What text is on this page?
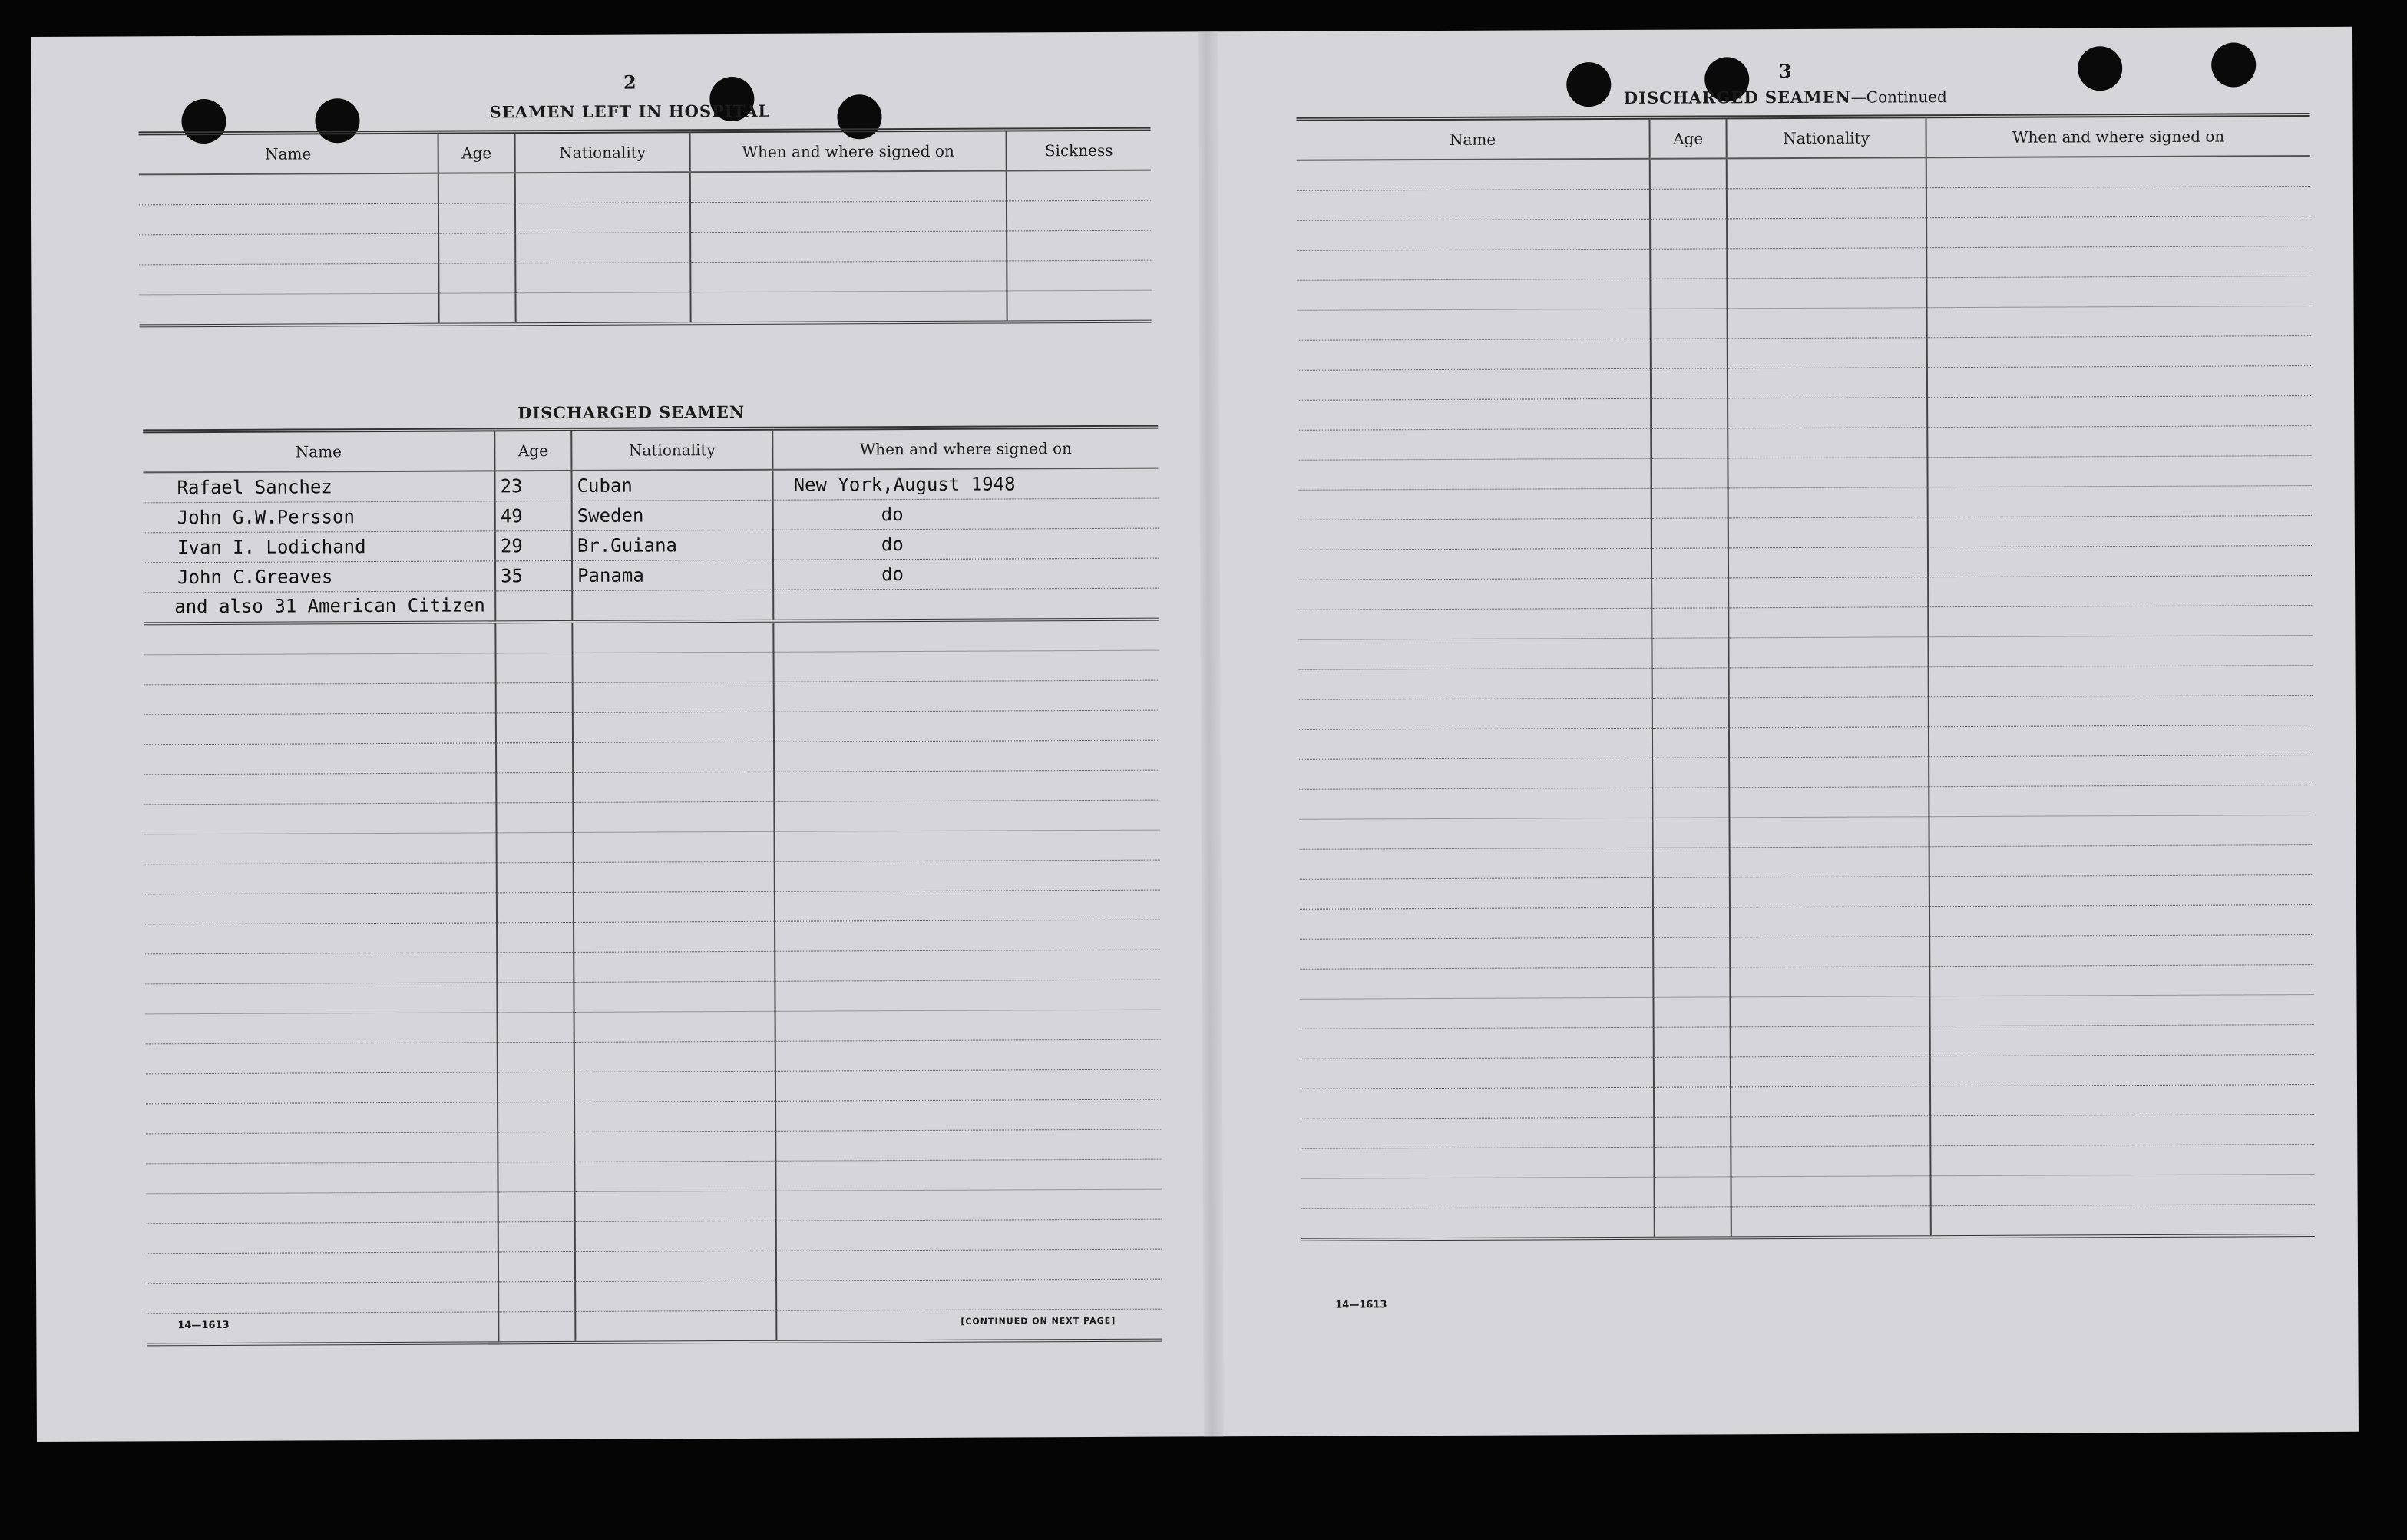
2
SEAMEN LEFT IN HOSPITAL
Name	Age	Nationality	When and where signed on	Sickness

DISCHARGED SEAMEN
Name	Age	Nationality	When and where signed on
Rafael Sanchez	23	Cuban	New York,August 1948
John G.W.Persson	49	Sweden	do
Ivan I. Lodichand	29	Br.Guiana	do
John C.Greaves	35	Panama	do

and also 31 American Citizen			

14—1613	[CONTINUED ON NEXT PAGE]
3
DISCHARGED SEAMEN—Continued
Name	Age	Nationality	When and where signed on

14—1613
